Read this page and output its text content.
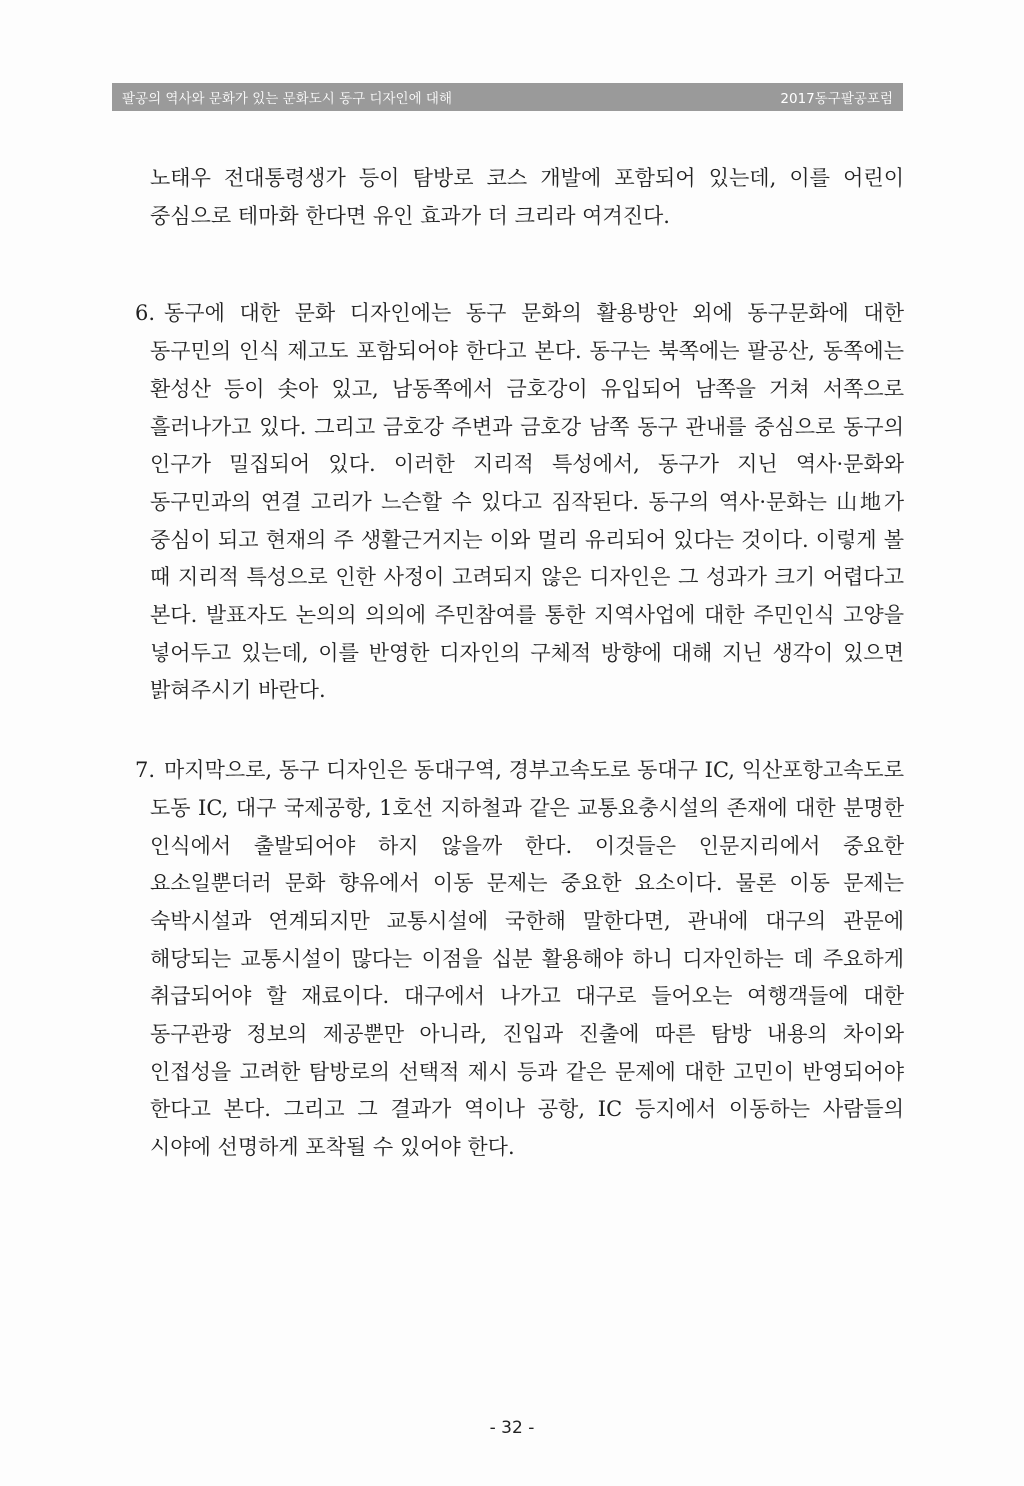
팔공의 역사와 문화가 있는 문화도시 동구 디자인에 대해	2017동구팔공포럼

노태우 전대통령생가 등이 탐방로 코스 개발에 포함되어 있는데, 이를 어린이 중심으로 테마화 한다면 유인 효과가 더 크리라 여겨진다.

6. 동구에 대한 문화 디자인에는 동구 문화의 활용방안 외에 동구문화에 대한 동구민의 인식 제고도 포함되어야 한다고 본다. 동구는 북쪽에는 팔공산, 동쪽에는 환성산 등이 솟아 있고, 남동쪽에서 금호강이 유입되어 남쪽을 거쳐 서쪽으로 흘러나가고 있다. 그리고 금호강 주변과 금호강 남쪽 동구 관내를 중심으로 동구의 인구가 밀집되어 있다. 이러한 지리적 특성에서, 동구가 지닌 역사·문화와 동구민과의 연결 고리가 느슨할 수 있다고 짐작된다. 동구의 역사·문화는 山地가 중심이 되고 현재의 주 생활근거지는 이와 멀리 유리되어 있다는 것이다. 이렇게 볼 때 지리적 특성으로 인한 사정이 고려되지 않은 디자인은 그 성과가 크기 어렵다고 본다. 발표자도 논의의 의의에 주민참여를 통한 지역사업에 대한 주민인식 고양을 넣어두고 있는데, 이를 반영한 디자인의 구체적 방향에 대해 지닌 생각이 있으면 밝혀주시기 바란다.

7. 마지막으로, 동구 디자인은 동대구역, 경부고속도로 동대구 IC, 익산포항고속도로 도동 IC, 대구 국제공항, 1호선 지하철과 같은 교통요충시설의 존재에 대한 분명한 인식에서 출발되어야 하지 않을까 한다. 이것들은 인문지리에서 중요한 요소일뿐더러 문화 향유에서 이동 문제는 중요한 요소이다. 물론 이동 문제는 숙박시설과 연계되지만 교통시설에 국한해 말한다면, 관내에 대구의 관문에 해당되는 교통시설이 많다는 이점을 십분 활용해야 하니 디자인하는 데 주요하게 취급되어야 할 재료이다. 대구에서 나가고 대구로 들어오는 여행객들에 대한 동구관광 정보의 제공뿐만 아니라, 진입과 진출에 따른 탐방 내용의 차이와 인접성을 고려한 탐방로의 선택적 제시 등과 같은 문제에 대한 고민이 반영되어야 한다고 본다. 그리고 그 결과가 역이나 공항, IC 등지에서 이동하는 사람들의 시야에 선명하게 포착될 수 있어야 한다.

- 32 -
